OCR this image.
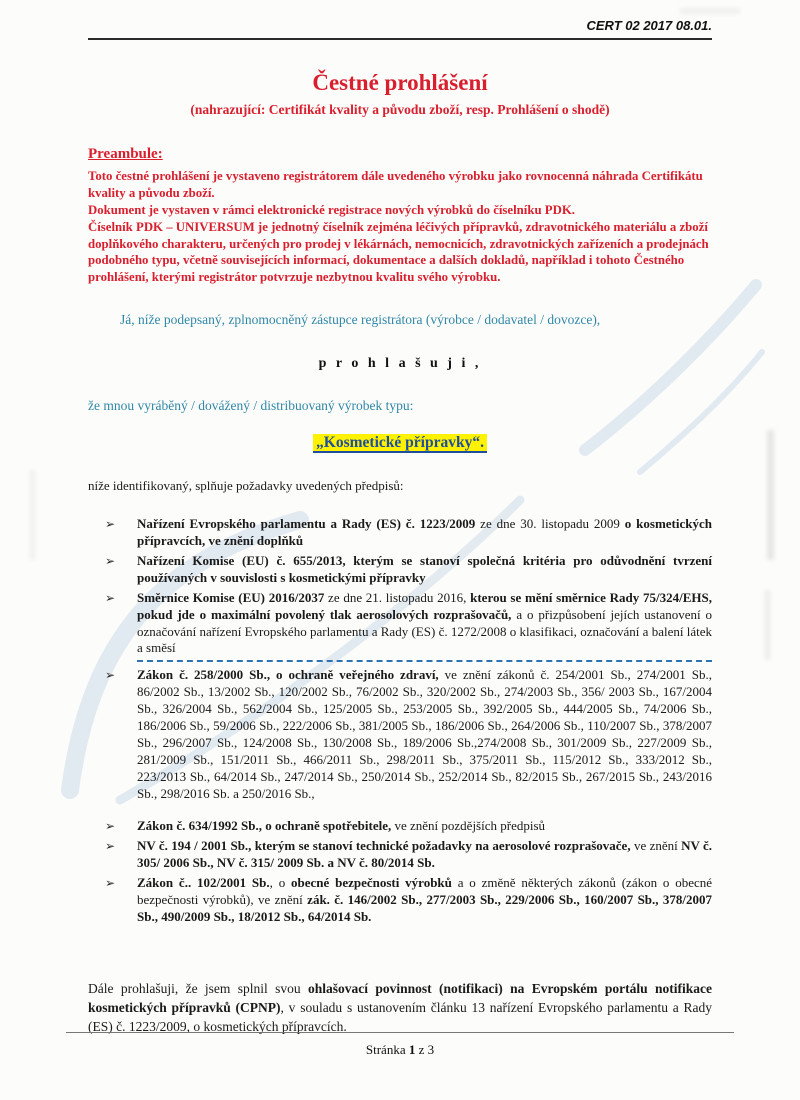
CERT 02 2017 08.01.
Čestné prohlášení
(nahrazující: Certifikát kvality a původu zboží, resp. Prohlášení o shodě)
Preambule:
Toto čestné prohlášení je vystaveno registrátorem dále uvedeného výrobku jako rovnocenná náhrada Certifikátu kvality a původu zboží.
Dokument je vystaven v rámci elektronické registrace nových výrobků do číselníku PDK.
Číselník PDK – UNIVERSUM je jednotný číselník zejména léčivých přípravků, zdravotnického materiálu a zboží doplňkového charakteru, určených pro prodej v lékárnách, nemocnicích, zdravotnických zařízeních a prodejnách podobného typu, včetně souvisejících informací, dokumentace a dalších dokladů, například i tohoto Čestného prohlášení, kterými registrátor potvrzuje nezbytnou kvalitu svého výrobku.
Já, níže podepsaný, zplnomocněný zástupce registrátora (výrobce / dodavatel / dovozce),
p r o h l a š u j i ,
že mnou vyráběný / dovážený / distribuovaný výrobek typu:
„Kosmetické přípravky“.
níže identifikovaný, splňuje požadavky uvedených předpisů:
➢	Nařízení Evropského parlamentu a Rady (ES) č. 1223/2009 ze dne 30. listopadu 2009 o kosmetických přípravcích, ve znění doplňků
➢	Nařízení Komise (EU) č. 655/2013, kterým se stanoví společná kritéria pro odůvodnění tvrzení používaných v souvislosti s kosmetickými přípravky
➢	Směrnice Komise (EU) 2016/2037 ze dne 21. listopadu 2016, kterou se mění směrnice Rady 75/324/EHS, pokud jde o maximální povolený tlak aerosolových rozprašovačů, a o přizpůsobení jejích ustanovení o označování nařízení Evropského parlamentu a Rady (ES) č. 1272/2008 o klasifikaci, označování a balení látek a směsí
➢	Zákon č. 258/2000 Sb., o ochraně veřejného zdraví, ve znění zákonů č. 254/2001 Sb., 274/2001 Sb., 86/2002 Sb., 13/2002 Sb., 120/2002 Sb., 76/2002 Sb., 320/2002 Sb., 274/2003 Sb., 356/ 2003 Sb., 167/2004 Sb., 326/2004 Sb., 562/2004 Sb., 125/2005 Sb., 253/2005 Sb., 392/2005 Sb., 444/2005 Sb., 74/2006 Sb., 186/2006 Sb., 59/2006 Sb., 222/2006 Sb., 381/2005 Sb., 186/2006 Sb., 264/2006 Sb., 110/2007 Sb., 378/2007 Sb., 296/2007 Sb., 124/2008 Sb., 130/2008 Sb., 189/2006 Sb.,274/2008 Sb., 301/2009 Sb., 227/2009 Sb., 281/2009 Sb., 151/2011 Sb., 466/2011 Sb., 298/2011 Sb., 375/2011 Sb., 115/2012 Sb., 333/2012 Sb., 223/2013 Sb., 64/2014 Sb., 247/2014 Sb., 250/2014 Sb., 252/2014 Sb., 82/2015 Sb., 267/2015 Sb., 243/2016 Sb., 298/2016 Sb. a 250/2016 Sb.,
➢	Zákon č. 634/1992 Sb., o ochraně spotřebitele, ve znění pozdějších předpisů
➢	NV č. 194 / 2001 Sb., kterým se stanoví technické požadavky na aerosolové rozprašovače, ve znění NV č. 305/ 2006 Sb., NV č. 315/ 2009 Sb. a NV č. 80/2014 Sb.
➢	Zákon č.. 102/2001 Sb., o obecné bezpečnosti výrobků a o změně některých zákonů (zákon o obecné bezpečnosti výrobků), ve znění zák. č. 146/2002 Sb., 277/2003 Sb., 229/2006 Sb., 160/2007 Sb., 378/2007 Sb., 490/2009 Sb., 18/2012 Sb., 64/2014 Sb.
Dále prohlašuji, že jsem splnil svou ohlašovací povinnost (notifikaci) na Evropském portálu notifikace kosmetických přípravků (CPNP), v souladu s ustanovením článku 13 nařízení Evropského parlamentu a Rady (ES) č. 1223/2009, o kosmetických přípravcích.
Stránka 1 z 3
